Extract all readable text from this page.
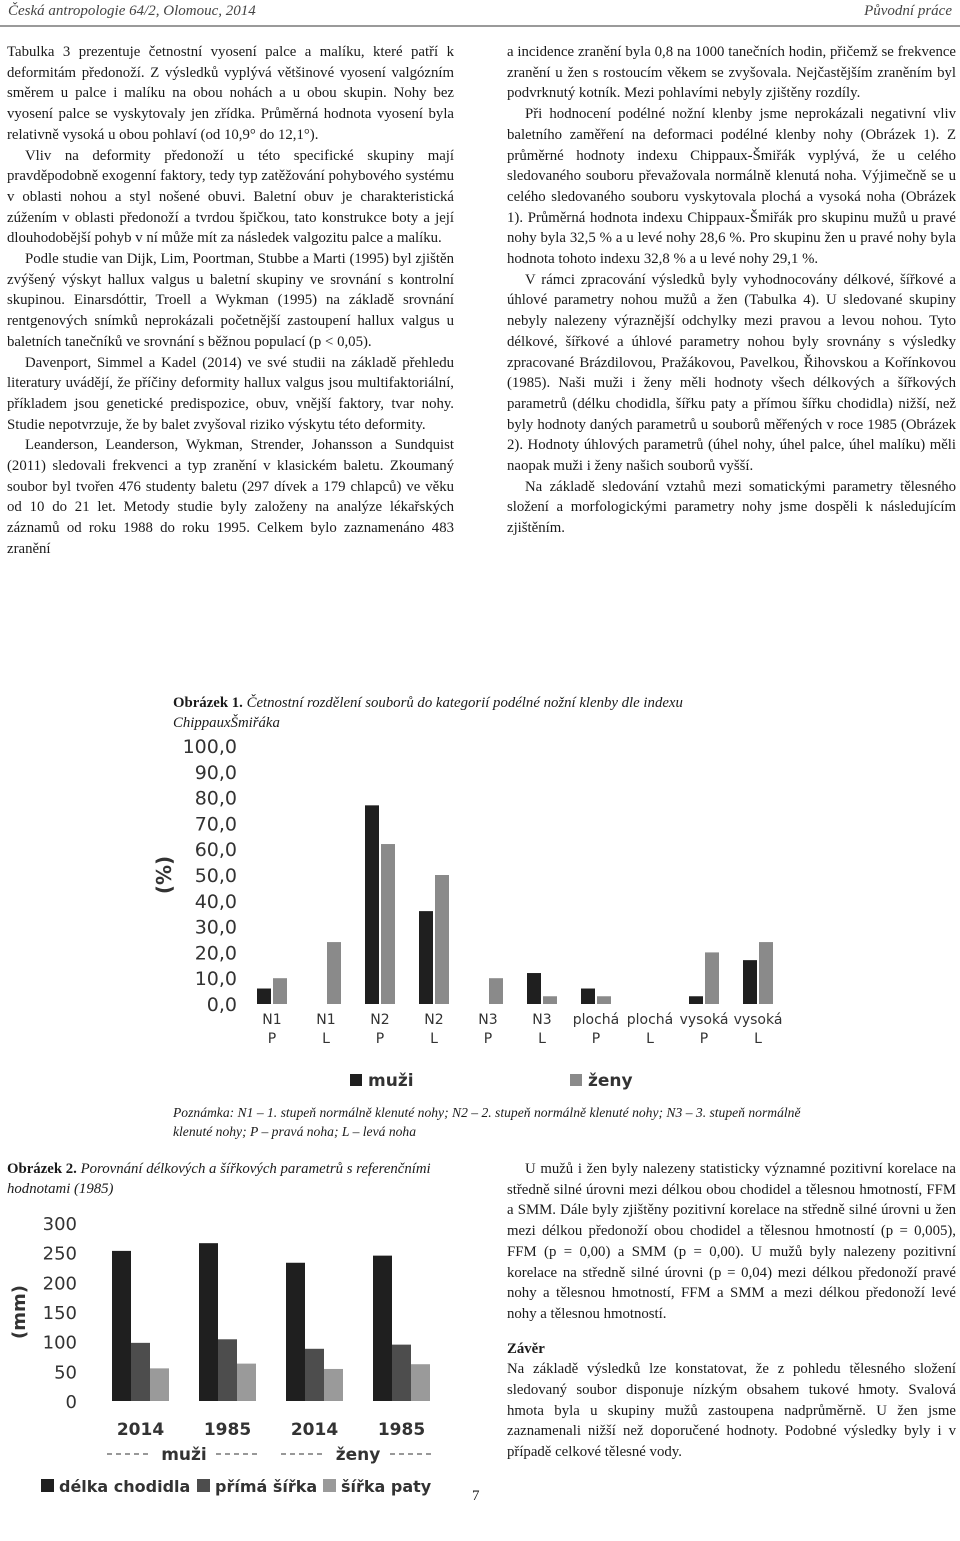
Česká antropologie 64/2, Olomouc, 2014	Původní práce

Tabulka 3 prezentuje četnostní vyosení palce a malíku, které patří k deformitám předonoží. Z výsledků vyplývá většinové vyosení valgózním směrem u palce i malíku na obou nohách a u obou skupin. Nohy bez vyosení palce se vyskytovaly jen zřídka. Průměrná hodnota vyosení byla relativně vysoká u obou pohlaví (od 10,9° do 12,1°).

Vliv na deformity předonoží u této specifické skupiny mají pravděpodobně exogenní faktory, tedy typ zatěžování pohybového systému v oblasti nohou a styl nošené obuvi. Baletní obuv je charakteristická zúžením v oblasti předonoží a tvrdou špičkou, tato konstrukce boty a její dlouhodobější pohyb v ní může mít za následek valgozitu palce a malíku.

Podle studie van Dijk, Lim, Poortman, Stubbe a Marti (1995) byl zjištěn zvýšený výskyt hallux valgus u baletní skupiny ve srovnání s kontrolní skupinou. Einarsdóttir, Troell a Wykman (1995) na základě srovnání rentgenových snímků neprokázali početnější zastoupení hallux valgus u baletních tanečníků ve srovnání s běžnou populací (p < 0,05).

Davenport, Simmel a Kadel (2014) ve své studii na základě přehledu literatury uvádějí, že příčiny deformity hallux valgus jsou multifaktoriální, příkladem jsou genetické predispozice, obuv, vnější faktory, tvar nohy. Studie nepotvrzuje, že by balet zvyšoval riziko výskytu této deformity.

Leanderson, Leanderson, Wykman, Strender, Johansson a Sundquist (2011) sledovali frekvenci a typ zranění v klasickém baletu. Zkoumaný soubor byl tvořen 476 studenty baletu (297 dívek a 179 chlapců) ve věku od 10 do 21 let. Metody studie byly založeny na analýze lékařských záznamů od roku 1988 do roku 1995. Celkem bylo zaznamenáno 483 zranění

a incidence zranění byla 0,8 na 1000 tanečních hodin, přičemž se frekvence zranění u žen s rostoucím věkem se zvyšovala. Nejčastějším zraněním byl podvrknutý kotník. Mezi pohlavími nebyly zjištěny rozdíly.

Při hodnocení podélné nožní klenby jsme neprokázali negativní vliv baletního zaměření na deformaci podélné klenby nohy (Obrázek 1). Z průměrné hodnoty indexu Chippaux-Šmiřák vyplývá, že u celého sledovaného souboru převažovala normálně klenutá noha. Výjimečně se u celého sledovaného souboru vyskytovala plochá a vysoká noha (Obrázek 1). Průměrná hodnota indexu Chippaux-Šmiřák pro skupinu mužů u pravé nohy byla 32,5 % a u levé nohy 28,6 %. Pro skupinu žen u pravé nohy byla hodnota tohoto indexu 32,8 % a u levé nohy 29,1 %.

V rámci zpracování výsledků byly vyhodnocovány délkové, šířkové a úhlové parametry nohou mužů a žen (Tabulka 4). U sledované skupiny nebyly nalezeny výraznější odchylky mezi pravou a levou nohou. Tyto délkové, šířkové a úhlové parametry nohou byly srovnány s výsledky zpracované Brázdilovou, Pražákovou, Pavelkou, Řihovskou a Kořínkovou (1985). Naši muži i ženy měli hodnoty všech délkových a šířkových parametrů (délku chodidla, šířku paty a přímou šířku chodidla) nižší, než byly hodnoty daných parametrů u souborů měřených v roce 1985 (Obrázek 2). Hodnoty úhlových parametrů (úhel nohy, úhel palce, úhel malíku) měli naopak muži i ženy našich souborů vyšší.

Na základě sledování vztahů mezi somatickými parametry tělesného složení a morfologickými parametry nohy jsme dospěli k následujícím zjištěním.

Obrázek 1. Četnostní rozdělení souborů do kategorií podélné nožní klenby dle indexu ChippauxŠmiřáka
(%)
0,0
10,0
20,0
30,0
40,0
50,0
60,0
70,0
80,0
90,0
100,0
N1
P
N1
L
N2
P
N2
L
N3
P
N3
L
plochá
P
plochá
L
vysoká
P
vysoká
L
muži	ženy
Poznámka: N1 – 1. stupeň normálně klenuté nohy; N2 – 2. stupeň normálně klenuté nohy; N3 – 3. stupeň normálně klenuté nohy; P – pravá noha; L – levá noha
Obrázek 2. Porovnání délkových a šířkových parametrů s referenčními hodnotami (1985)
(mm)
0
50
100
150
200
250
300
2014 1985 2014 1985
muži	ženy
délka chodidla přímá šířka šířka paty

U mužů i žen byly nalezeny statisticky významné pozitivní korelace na středně silné úrovni mezi délkou obou chodidel a tělesnou hmotností, FFM a SMM. Dále byly zjištěny pozitivní korelace na středně silné úrovni u žen mezi délkou předonoží obou chodidel a tělesnou hmotností (p = 0,005), FFM (p = 0,00) a SMM (p = 0,00). U mužů byly nalezeny pozitivní korelace na středně silné úrovni (p = 0,04) mezi délkou předonoží pravé nohy a tělesnou hmotností, FFM a SMM a mezi délkou předonoží levé nohy a tělesnou hmotností.

Závěr

Na základě výsledků lze konstatovat, že z pohledu tělesného složení sledovaný soubor disponuje nízkým obsahem tukové hmoty. Svalová hmota byla u skupiny mužů zastoupena nadprůměrně. U žen jsme zaznamenali nižší než doporučené hodnoty. Podobné výsledky byly i v případě celkové tělesné vody.

7
